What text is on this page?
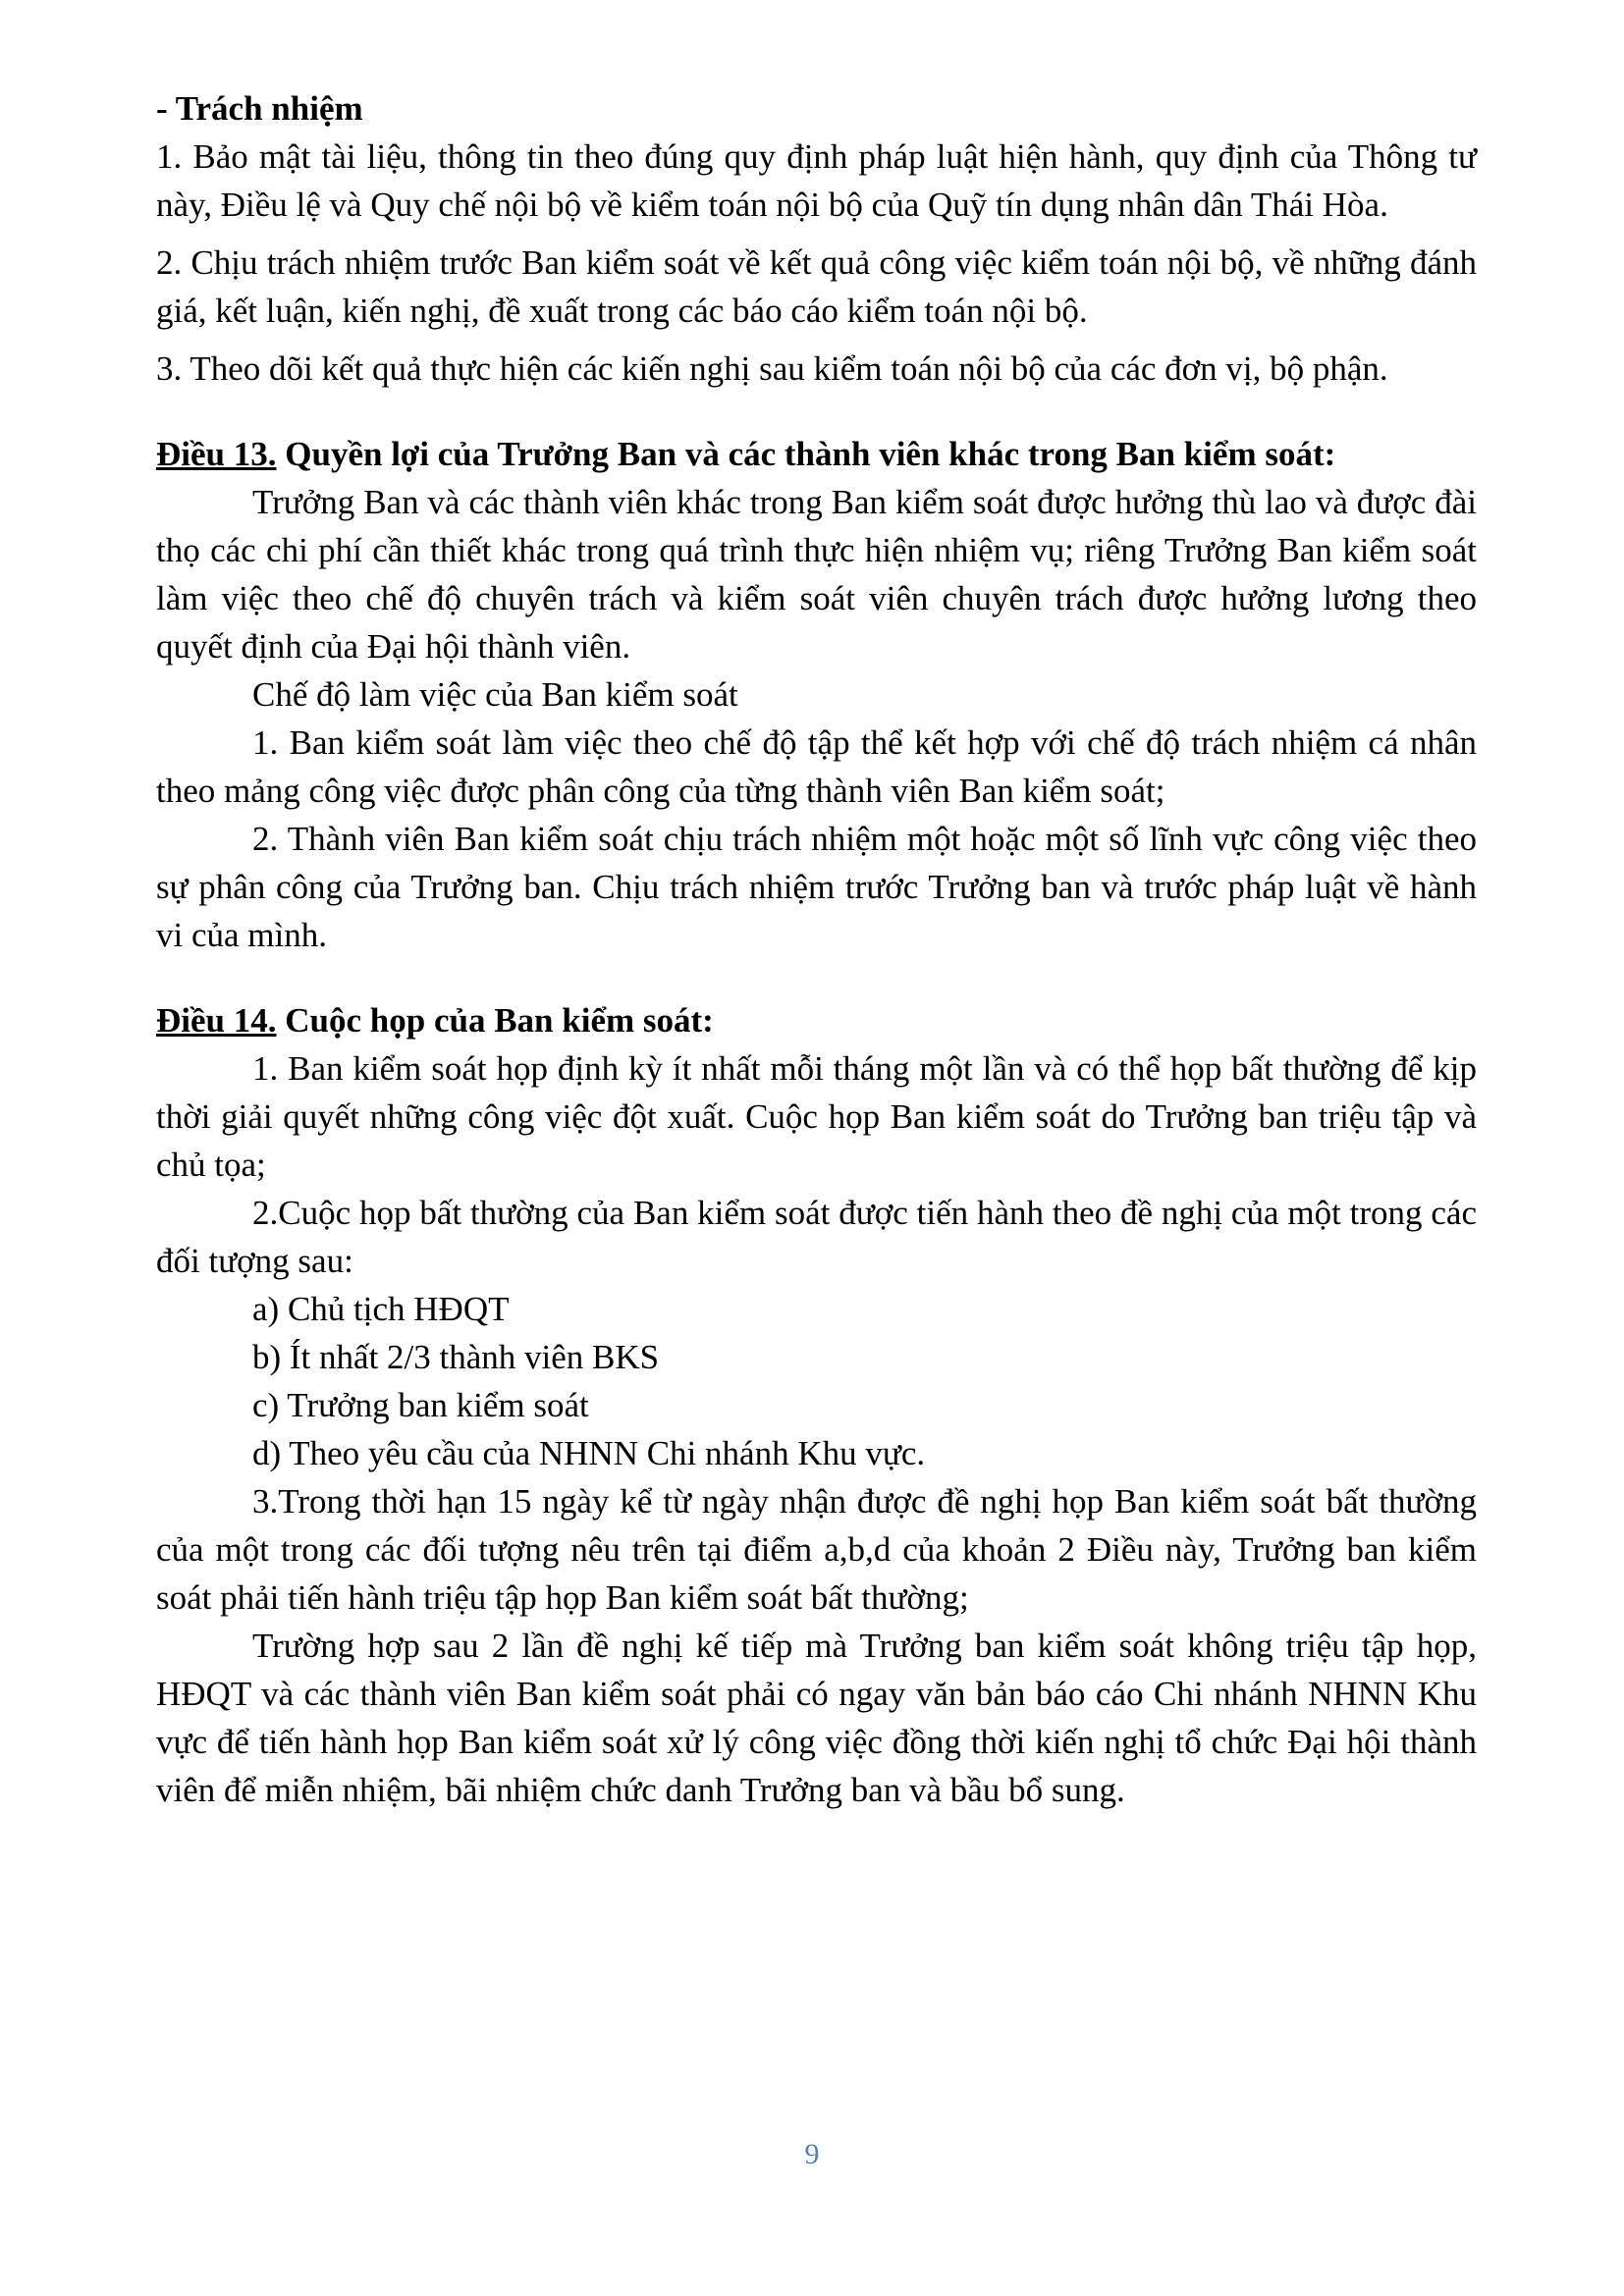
- Trách nhiệm

1. Bảo mật tài liệu, thông tin theo đúng quy định pháp luật hiện hành, quy định của Thông tư này, Điều lệ và Quy chế nội bộ về kiểm toán nội bộ của Quỹ tín dụng nhân dân Thái Hòa.

2. Chịu trách nhiệm trước Ban kiểm soát về kết quả công việc kiểm toán nội bộ, về những đánh giá, kết luận, kiến nghị, đề xuất trong các báo cáo kiểm toán nội bộ.

3. Theo dõi kết quả thực hiện các kiến nghị sau kiểm toán nội bộ của các đơn vị, bộ phận.

Điều 13. Quyền lợi của Trưởng Ban và các thành viên khác trong Ban kiểm soát:

Trưởng Ban và các thành viên khác trong Ban kiểm soát được hưởng thù lao và được đài thọ các chi phí cần thiết khác trong quá trình thực hiện nhiệm vụ; riêng Trưởng Ban kiểm soát làm việc theo chế độ chuyên trách và kiểm soát viên chuyên trách được hưởng lương theo quyết định của Đại hội thành viên.

Chế độ làm việc của Ban kiểm soát

1. Ban kiểm soát làm việc theo chế độ tập thể kết hợp với chế độ trách nhiệm cá nhân theo mảng công việc được phân công của từng thành viên Ban kiểm soát;

2. Thành viên Ban kiểm soát chịu trách nhiệm một hoặc một số lĩnh vực công việc theo sự phân công của Trưởng ban. Chịu trách nhiệm trước Trưởng ban và trước pháp luật về hành vi của mình.

Điều 14. Cuộc họp của Ban kiểm soát:

1. Ban kiểm soát họp định kỳ ít nhất mỗi tháng một lần và có thể họp bất thường để kịp thời giải quyết những công việc đột xuất. Cuộc họp Ban kiểm soát do Trưởng ban triệu tập và chủ tọa;

2.Cuộc họp bất thường của Ban kiểm soát được tiến hành theo đề nghị của một trong các đối tượng sau:

a) Chủ tịch HĐQT
b) Ít nhất 2/3 thành viên BKS
c) Trưởng ban kiểm soát
d) Theo yêu cầu của NHNN Chi nhánh Khu vực.

3.Trong thời hạn 15 ngày kể từ ngày nhận được đề nghị họp Ban kiểm soát bất thường của một trong các đối tượng nêu trên tại điểm a,b,d của khoản 2 Điều này, Trưởng ban kiểm soát phải tiến hành triệu tập họp Ban kiểm soát bất thường;

Trường hợp sau 2 lần đề nghị kế tiếp mà Trưởng ban kiểm soát không triệu tập họp, HĐQT và các thành viên Ban kiểm soát phải có ngay văn bản báo cáo Chi nhánh NHNN Khu vực để tiến hành họp Ban kiểm soát xử lý công việc đồng thời kiến nghị tổ chức Đại hội thành viên để miễn nhiệm, bãi nhiệm chức danh Trưởng ban và bầu bổ sung.

9
